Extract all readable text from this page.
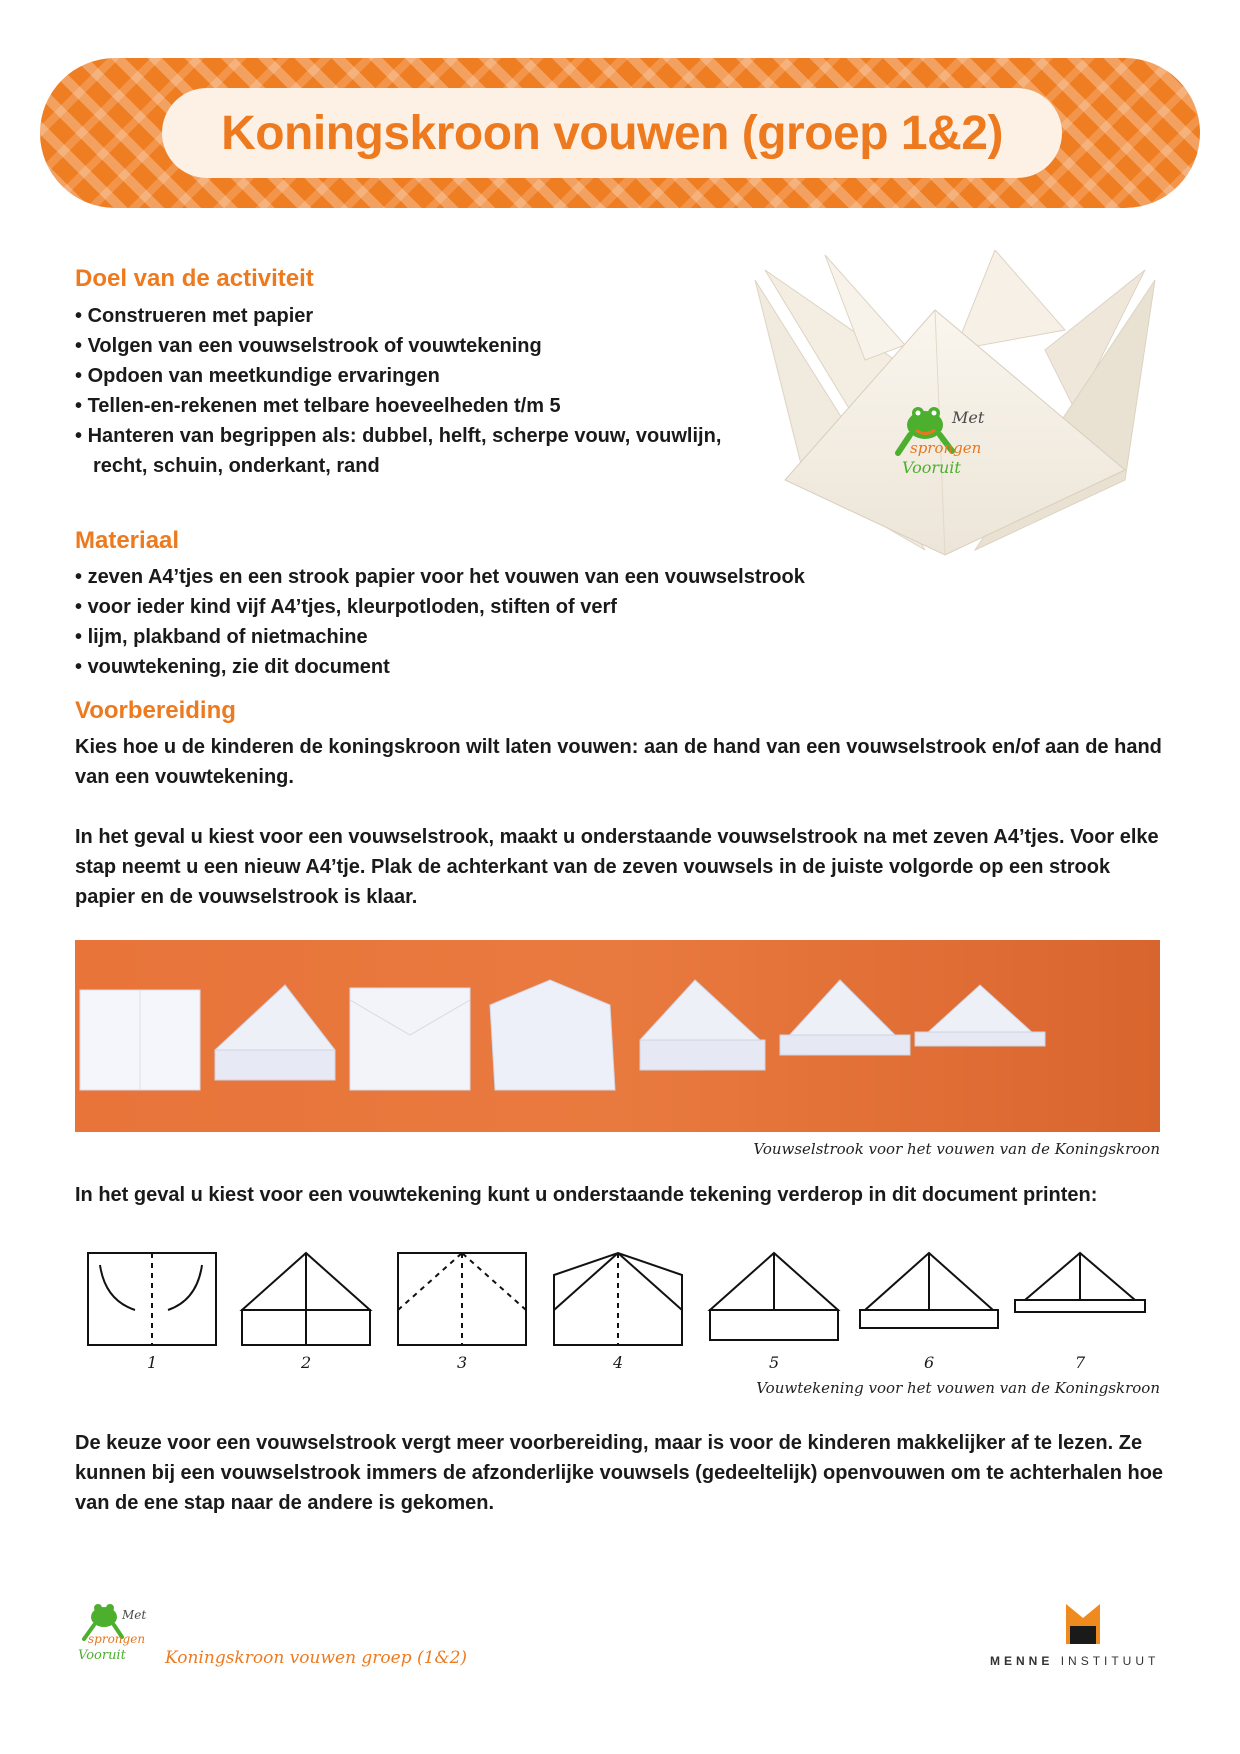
Koningskroon vouwen (groep 1&2)
Met
sprongen
Vooruit
Doel van de activiteit
• Construeren met papier
• Volgen van een vouwselstrook of vouwtekening
• Opdoen van meetkundige ervaringen
• Tellen-en-rekenen met telbare hoeveelheden t/m 5
• Hanteren van begrippen als: dubbel, helft, scherpe vouw, vouwlijn, recht, schuin, onderkant, rand
Materiaal
• zeven A4’tjes en een strook papier voor het vouwen van een vouwselstrook
• voor ieder kind vijf A4’tjes, kleurpotloden, stiften of verf
• lijm, plakband of nietmachine
• vouwtekening, zie dit document
Voorbereiding

Kies hoe u de kinderen de koningskroon wilt laten vouwen: aan de hand van een vouwselstrook en/of aan de hand van een vouwtekening.

In het geval u kiest voor een vouwselstrook, maakt u onderstaande vouwselstrook na met zeven A4’tjes. Voor elke stap neemt u een nieuw A4’tje. Plak de achterkant van de zeven vouwsels in de juiste volgorde op een strook papier en de vouwselstrook is klaar.

Vouwselstrook voor het vouwen van de Koningskroon

In het geval u kiest voor een vouwtekening kunt u onderstaande tekening verderop in dit document printen:

1	2	3	4	5	6	7
Vouwtekening voor het vouwen van de Koningskroon

De keuze voor een vouwselstrook vergt meer voorbereiding, maar is voor de kinderen makkelijker af te lezen. Ze kunnen bij een vouwselstrook immers de afzonderlijke vouwsels (gedeeltelijk) openvouwen om te achterhalen hoe van de ene stap naar de andere is gekomen.

Met
sprongen
Vooruit Koningskroon vouwen groep (1&2)	MENNE INSTITUUT
